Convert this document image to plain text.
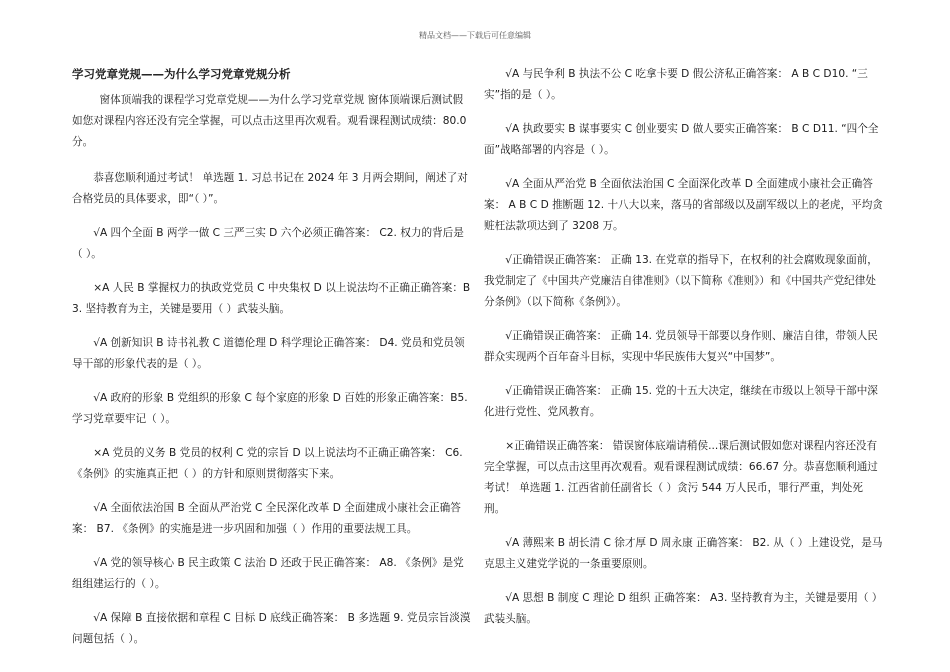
精品文档——下载后可任意编辑
学习党章党规——为什么学习党章党规分析

窗体顶端我的课程学习党章党规——为什么学习党章党规 窗体顶端课后测试假如您对课程内容还没有完全掌握，可以点击这里再次观看。观看课程测试成绩：80.0 分。

恭喜您顺利通过考试！ 单选题 1. 习总书记在 2024 年 3 月两会期间，阐述了对合格党员的具体要求，即“（ ）”。

√A 四个全面 B 两学一做 C 三严三实 D 六个必须正确答案： C2. 权力的背后是（ ）。

×A 人民 B 掌握权力的执政党党员 C 中央集权 D 以上说法均不正确正确答案：B3. 坚持教育为主，关键是要用（ ）武装头脑。

√A 创新知识 B 诗书礼教 C 道德伦理 D 科学理论正确答案： D4. 党员和党员领导干部的形象代表的是（ ）。

√A 政府的形象 B 党组织的形象 C 每个家庭的形象 D 百姓的形象正确答案：B5. 学习党章要牢记（ ）。

×A 党员的义务 B 党员的权利 C 党的宗旨 D 以上说法均不正确正确答案： C6. 《条例》的实施真正把（ ）的方针和原则贯彻落实下来。

√A 全面依法治国 B 全面从严治党 C 全民深化改革 D 全面建成小康社会正确答案： B7. 《条例》的实施是进一步巩固和加强（ ）作用的重要法规工具。

√A 党的领导核心 B 民主政策 C 法治 D 还政于民正确答案： A8. 《条例》是党组组建运行的（ ）。

√A 保障 B 直接依据和章程 C 目标 D 底线正确答案： B 多选题 9. 党员宗旨淡漠问题包括（ ）。

√A 与民争利 B 执法不公 C 吃拿卡要 D 假公济私正确答案： A B C D10. “三实”指的是（ ）。

√A 执政要实 B 谋事要实 C 创业要实 D 做人要实正确答案： B C D11. “四个全面”战略部署的内容是（ ）。

√A 全面从严治党 B 全面依法治国 C 全面深化改革 D 全面建成小康社会正确答案： A B C D 推断题 12. 十八大以来，落马的省部级以及副军级以上的老虎，平均贪赃枉法款项达到了 3208 万。

√正确错误正确答案： 正确 13. 在党章的指导下，在权利的社会腐败现象面前，我党制定了《中国共产党廉洁自律准则》（以下简称《准则》）和《中国共产党纪律处分条例》（以下简称《条例》）。

√正确错误正确答案： 正确 14. 党员领导干部要以身作则、廉洁自律，带领人民群众实现两个百年奋斗目标，实现中华民族伟大复兴“中国梦”。

√正确错误正确答案： 正确 15. 党的十五大决定，继续在市级以上领导干部中深化进行党性、党风教育。

×正确错误正确答案： 错误窗体底端请稍侯...课后测试假如您对课程内容还没有完全掌握，可以点击这里再次观看。观看课程测试成绩：66.67 分。恭喜您顺利通过考试！ 单选题 1. 江西省前任副省长（ ）贪污 544 万人民币，罪行严重，判处死刑。

√A 薄熙来 B 胡长清 C 徐才厚 D 周永康 正确答案： B2. 从（ ）上建设党，是马克思主义建党学说的一条重要原则。

√A 思想 B 制度 C 理论 D 组织 正确答案： A3. 坚持教育为主，关键是要用（ ）武装头脑。
